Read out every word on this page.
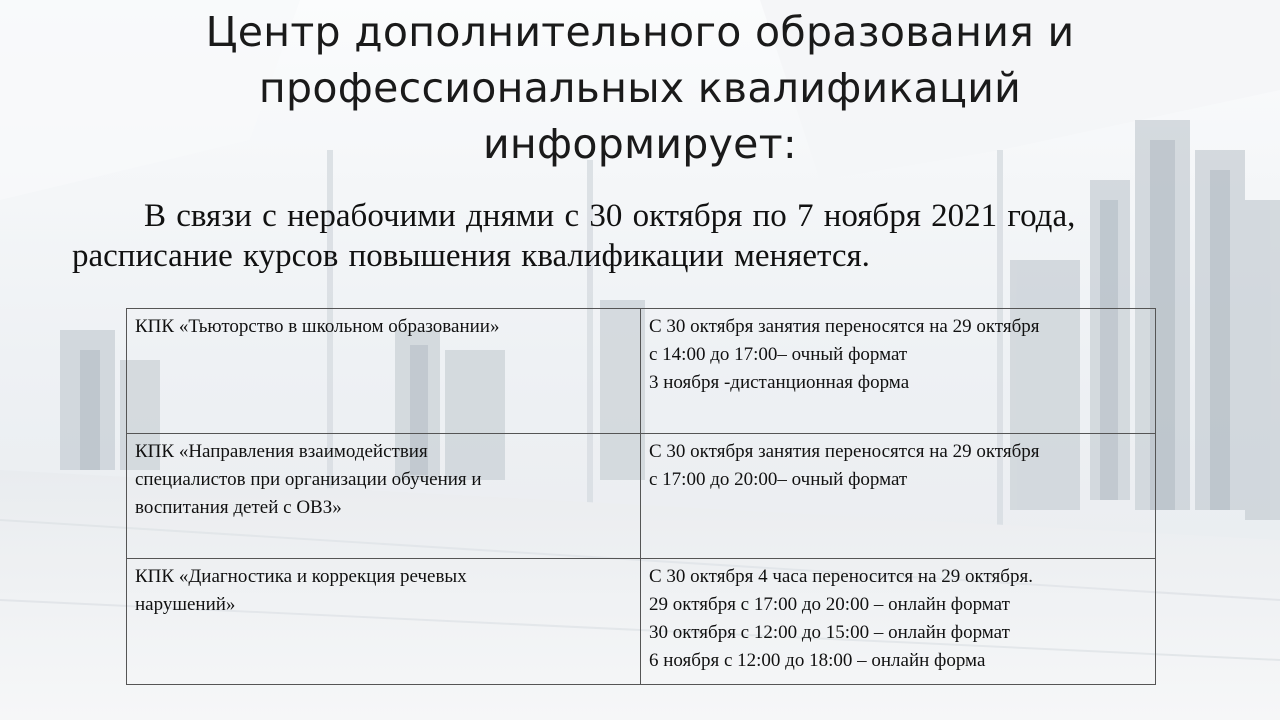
Центр дополнительного образования и
профессиональных квалификаций
информирует:

В связи с нерабочими днями с 30 октября по 7 ноября 2021 года,
расписание курсов повышения квалификации меняется.

КПК «Тьюторство в школьном образовании»	С 30 октября занятия переносятся на 29 октября
с 14:00 до 17:00– очный формат
3 ноября -дистанционная форма

КПК «Направления взаимодействия
специалистов при организации обучения и
воспитания детей с ОВЗ»	С 30 октября занятия переносятся на 29 октября
с 17:00 до 20:00– очный формат

КПК «Диагностика и коррекция речевых
нарушений»	С 30 октября 4 часа переносится на 29 октября.
29 октября с 17:00 до 20:00 – онлайн формат
30 октября с 12:00 до 15:00 – онлайн формат
6 ноября с 12:00 до 18:00 – онлайн форма
